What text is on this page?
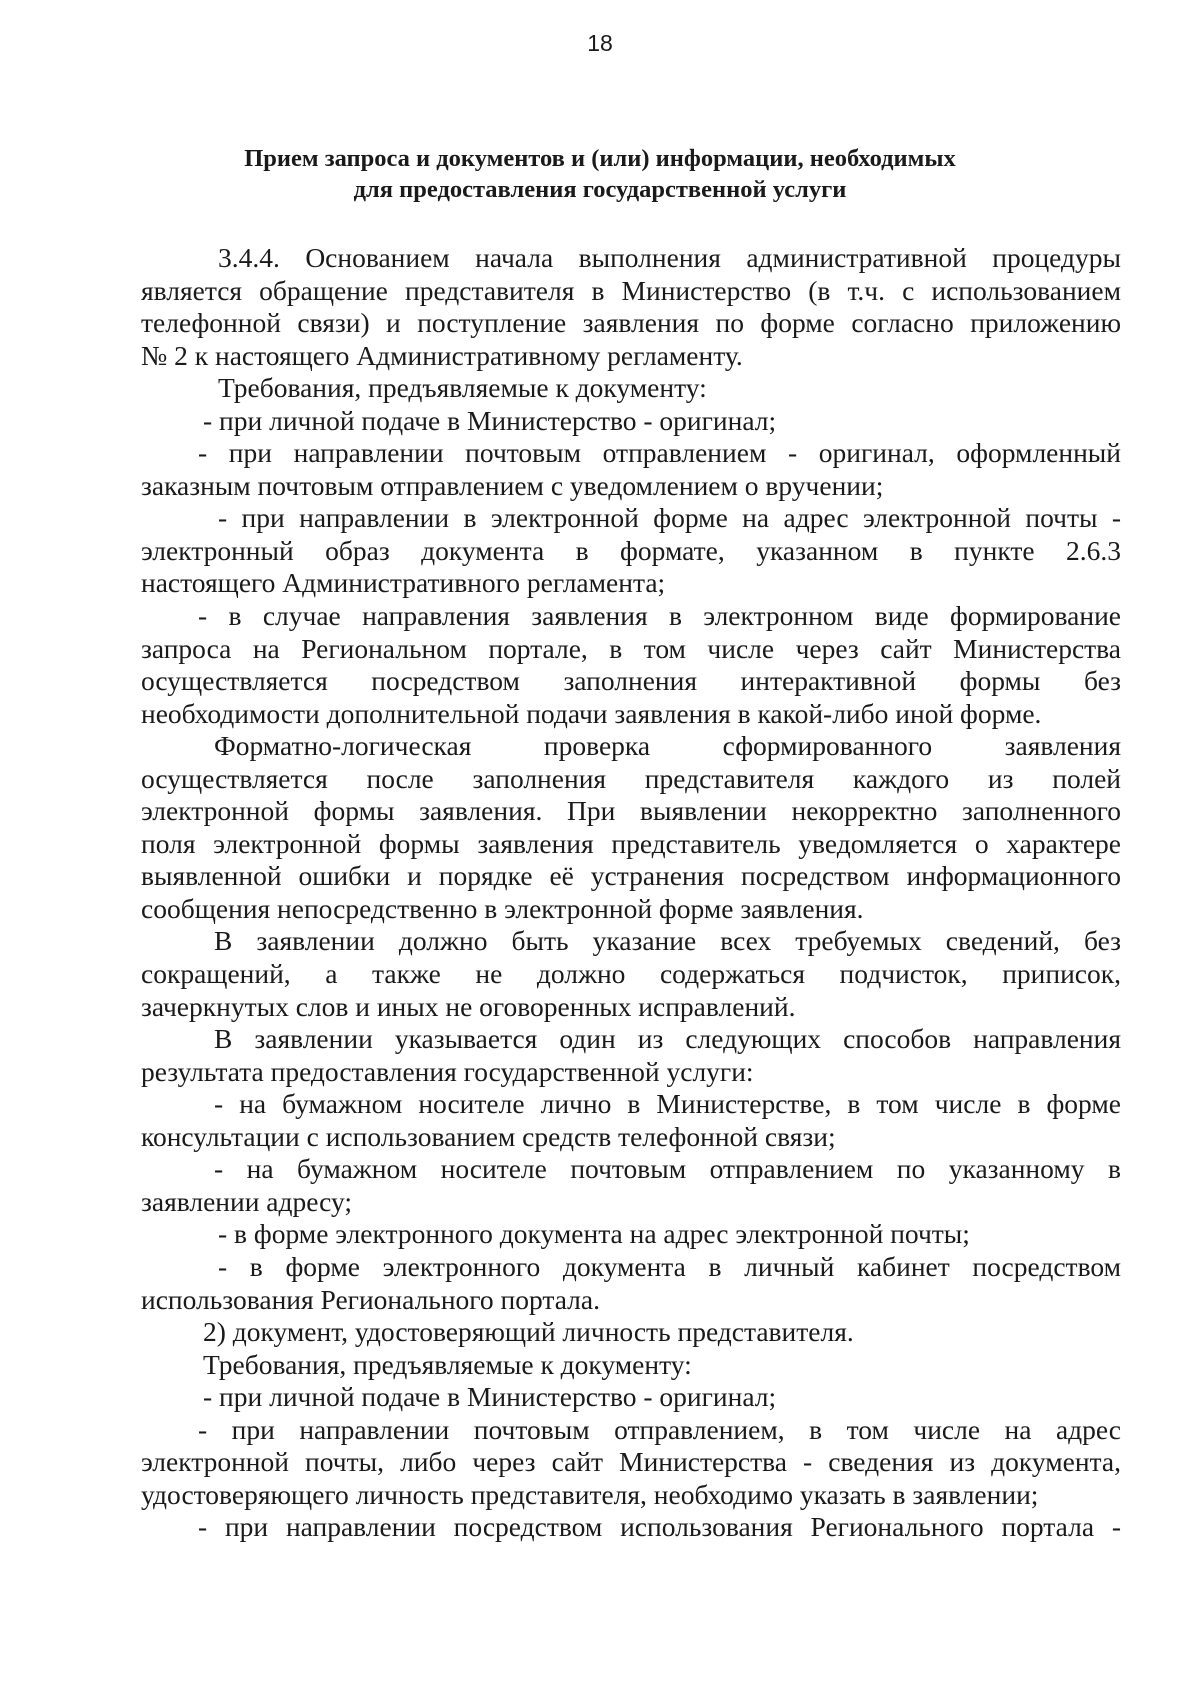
18
Прием запроса и документов и (или) информации, необходимых
для предоставления государственной услуги

3.4.4. Основанием начала выполнения административной процедуры

является обращение представителя в Министерство (в т.ч. с использованием

телефонной связи) и поступление заявления по форме согласно приложению

№ 2 к настоящего Административному регламенту.

Требования, предъявляемые к документу:

- при личной подаче в Министерство - оригинал;

- при направлении почтовым отправлением - оригинал, оформленный

заказным почтовым отправлением с уведомлением о вручении;

- при направлении в электронной форме на адрес электронной почты -

электронный образ документа в формате, указанном в пункте 2.6.3

настоящего Административного регламента;

- в случае направления заявления в электронном виде формирование

запроса на Региональном портале, в том числе через сайт Министерства

осуществляется посредством заполнения интерактивной формы без

необходимости дополнительной подачи заявления в какой-либо иной форме.

Форматно-логическая проверка сформированного заявления

осуществляется после заполнения представителя каждого из полей

электронной формы заявления. При выявлении некорректно заполненного

поля электронной формы заявления представитель уведомляется о характере

выявленной ошибки и порядке её устранения посредством информационного

сообщения непосредственно в электронной форме заявления.

В заявлении должно быть указание всех требуемых сведений, без

сокращений, а также не должно содержаться подчисток, приписок,

зачеркнутых слов и иных не оговоренных исправлений.

В заявлении указывается один из следующих способов направления

результата предоставления государственной услуги:

- на бумажном носителе лично в Министерстве, в том числе в форме

консультации с использованием средств телефонной связи;

- на бумажном носителе почтовым отправлением по указанному в

заявлении адресу;

- в форме электронного документа на адрес электронной почты;

- в форме электронного документа в личный кабинет посредством

использования Регионального портала.

2) документ, удостоверяющий личность представителя.

Требования, предъявляемые к документу:

- при личной подаче в Министерство - оригинал;

- при направлении почтовым отправлением, в том числе на адрес

электронной почты, либо через сайт Министерства - сведения из документа,

удостоверяющего личность представителя, необходимо указать в заявлении;

- при направлении посредством использования Регионального портала -
